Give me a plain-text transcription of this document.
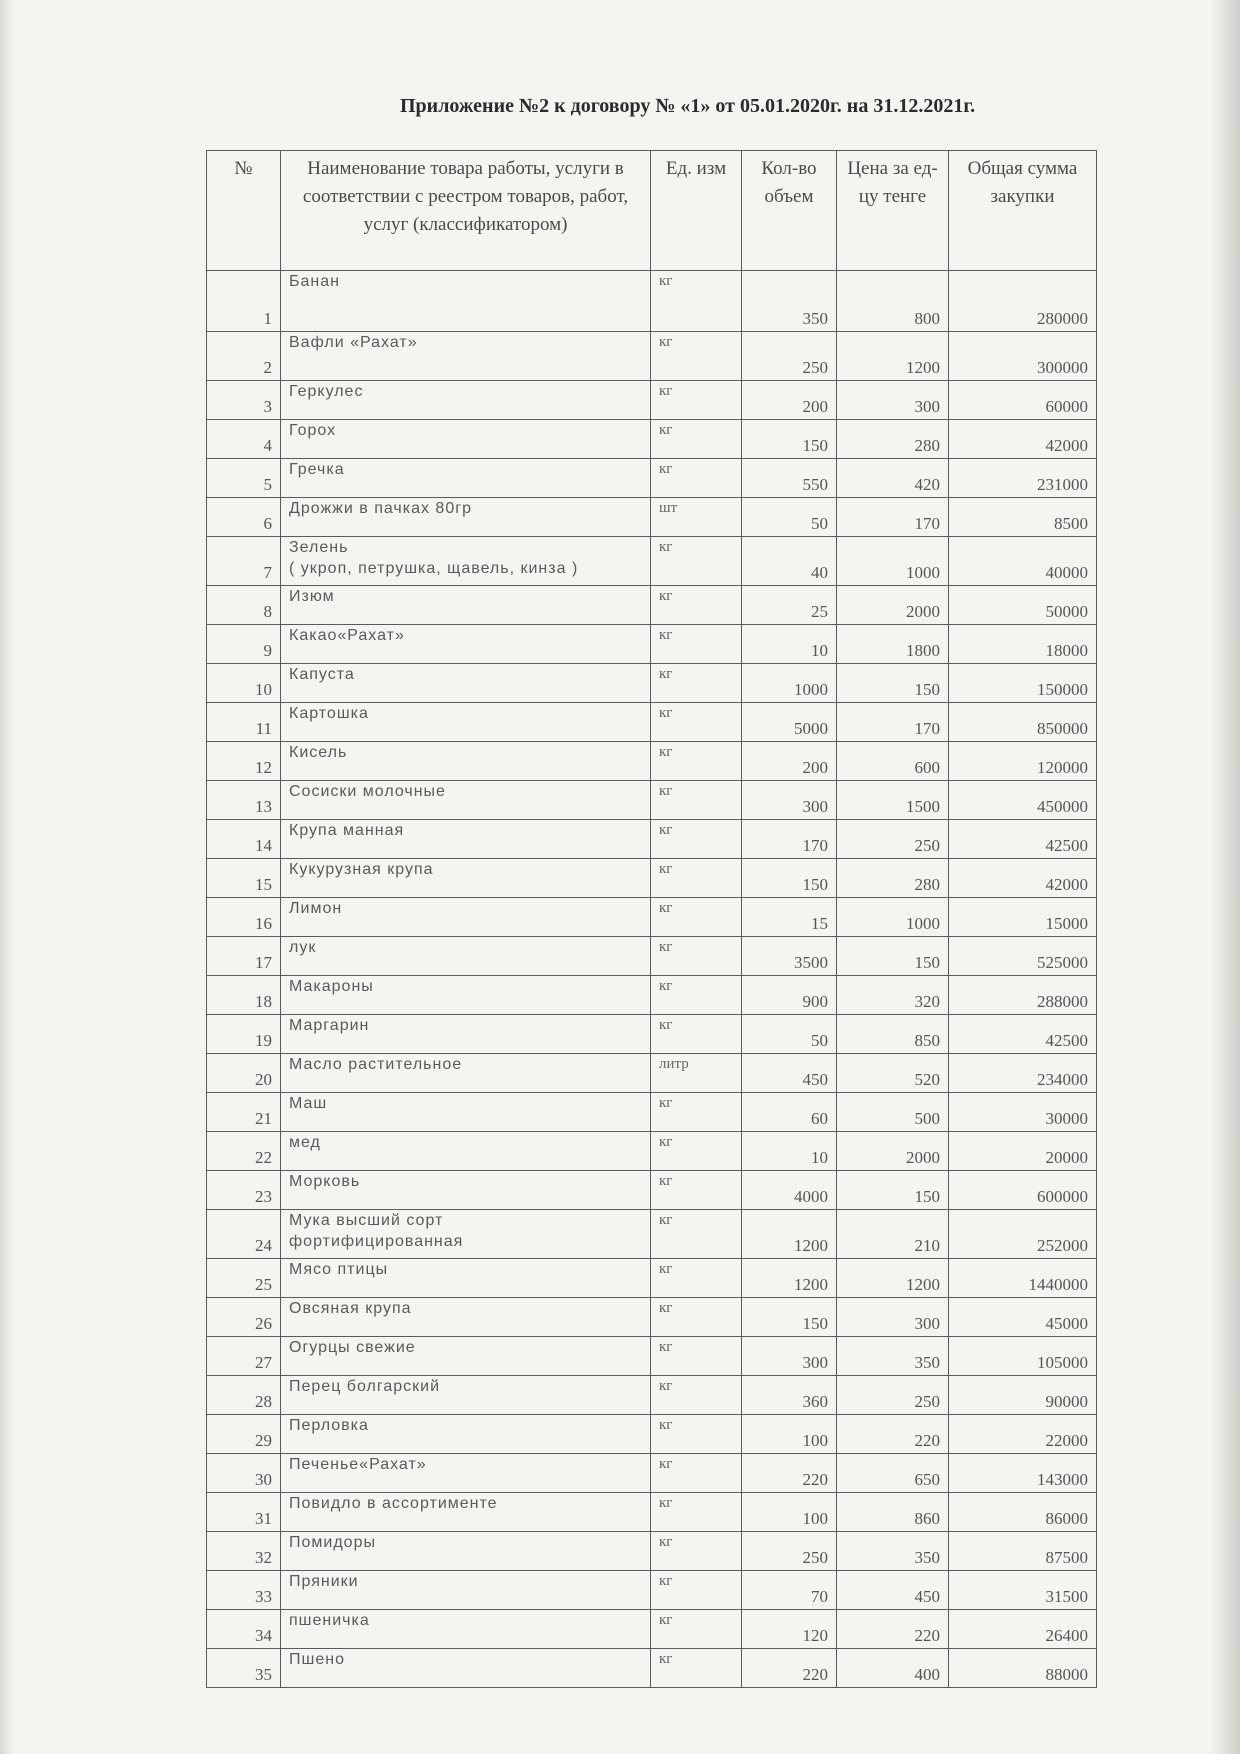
Приложение №2 к договору № «1» от 05.01.2020г. на 31.12.2021г.
№	Наименование товара работы, услуги в соответствии с реестром товаров, работ, услуг (классификатором)	Ед. изм	Кол-во объем	Цена за ед-цу тенге	Общая сумма закупки
1	Банан	кг	350	800	280000
2	Вафли «Рахат»	кг	250	1200	300000
3	Геркулес	кг	200	300	60000
4	Горох	кг	150	280	42000
5	Гречка	кг	550	420	231000
6	Дрожжи в пачках 80гр	шт	50	170	8500
7	Зелень
( укроп, петрушка, щавель, кинза )	кг	40	1000	40000
8	Изюм	кг	25	2000	50000
9	Какао«Рахат»	кг	10	1800	18000
10	Капуста	кг	1000	150	150000
11	Картошка	кг	5000	170	850000
12	Кисель	кг	200	600	120000
13	Сосиски молочные	кг	300	1500	450000
14	Крупа манная	кг	170	250	42500
15	Кукурузная крупа	кг	150	280	42000
16	Лимон	кг	15	1000	15000
17	лук	кг	3500	150	525000
18	Макароны	кг	900	320	288000
19	Маргарин	кг	50	850	42500
20	Масло растительное	литр	450	520	234000
21	Маш	кг	60	500	30000
22	мед	кг	10	2000	20000
23	Морковь	кг	4000	150	600000
24	Мука высший сорт
фортифицированная	кг	1200	210	252000
25	Мясо птицы	кг	1200	1200	1440000
26	Овсяная крупа	кг	150	300	45000
27	Огурцы свежие	кг	300	350	105000
28	Перец болгарский	кг	360	250	90000
29	Перловка	кг	100	220	22000
30	Печенье«Рахат»	кг	220	650	143000
31	Повидло в ассортименте	кг	100	860	86000
32	Помидоры	кг	250	350	87500
33	Пряники	кг	70	450	31500
34	пшеничка	кг	120	220	26400
35	Пшено	кг	220	400	88000
